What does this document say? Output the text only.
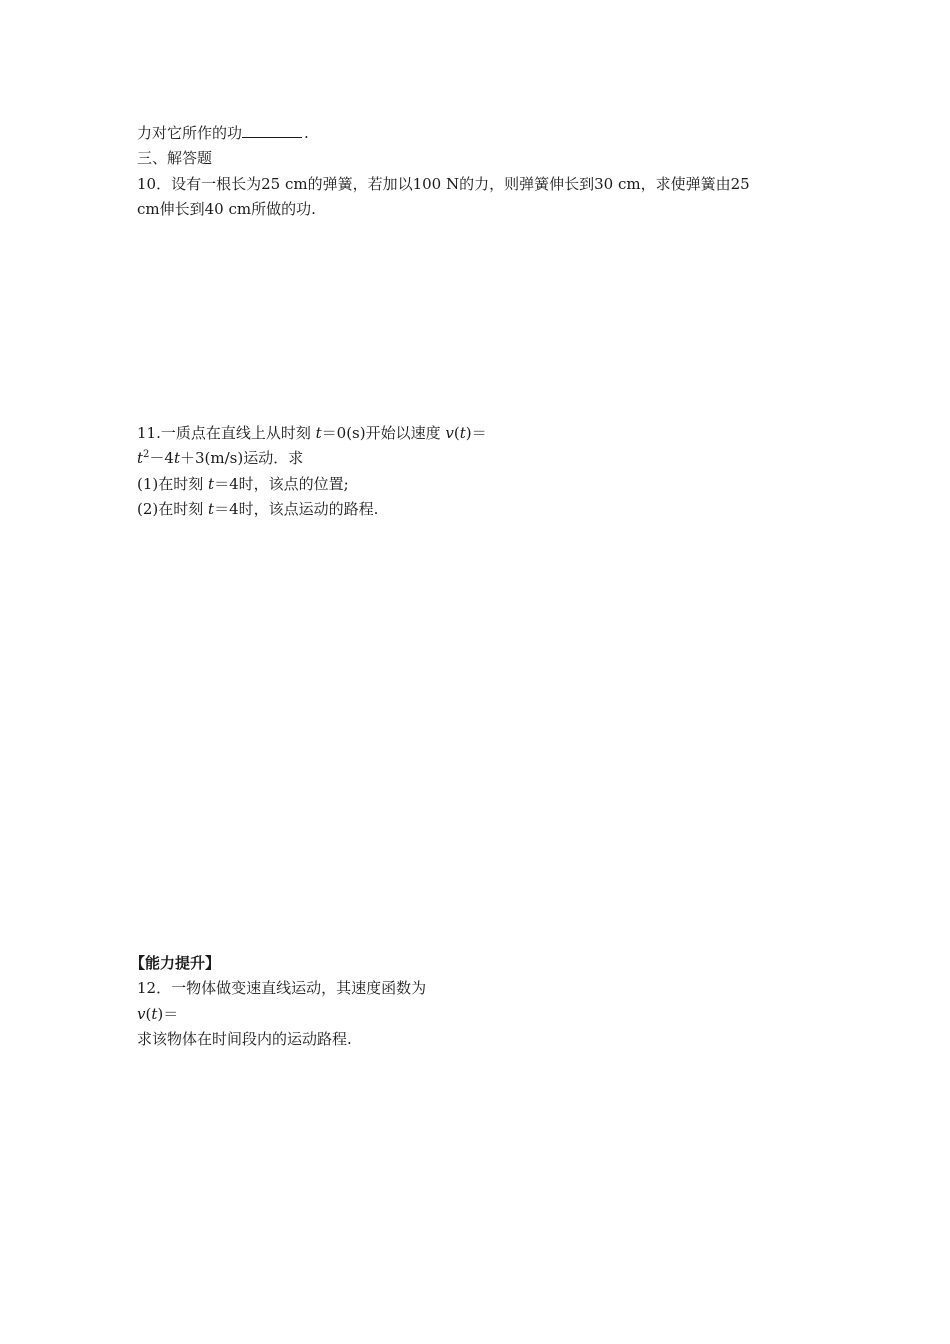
力对它所作的功	.
三、解答题
10．设有一根长为25 cm的弹簧，若加以100 N的力，则弹簧伸长到30 cm，求使弹簧由25
cm伸长到40 cm所做的功.
11.一质点在直线上从时刻 t＝0(s)开始以速度 v(t)＝
$t^2-4t+3(m/s)$运动．求
(1)在时刻 t＝4时，该点的位置;
(2)在时刻 t＝4时，该点运动的路程.
【能力提升】
12．一物体做变速直线运动，其速度函数为
v(t)＝
求该物体在时间段内的运动路程.
